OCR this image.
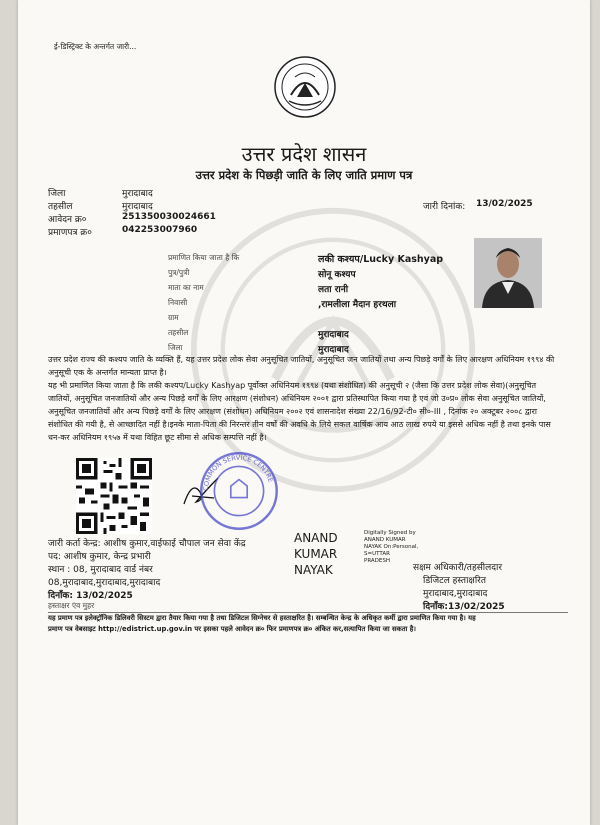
ई-डिस्ट्रिक्ट के अन्तर्गत जारी...
उत्तर प्रदेश शासन
उत्तर प्रदेश के पिछड़ी जाति के लिए जाति प्रमाण पत्र
जिला	मुरादाबाद
तहसील	मुरादाबाद
आवेदन क्र०	251350030024661
प्रमाणपत्र क्र०	042253007960
जारी दिनांक: 13/02/2025
प्रमाणित किया जाता है कि	लकी कश्यप/Lucky Kashyap
पुत्र/पुत्री	सोनू कश्यप
माता का नाम	लता रानी
निवासी	,रामलीला मैदान हरथला
ग्राम
तहसील	मुरादाबाद
जिला	मुरादाबाद
उत्तर प्रदेश राज्य की कश्यप जाति के व्यक्ति हैं, यह उत्तर प्रदेश लोक सेवा अनुसूचित जातियों, अनुसूचित जन जातियों तथा अन्य पिछड़े वर्गों के लिए आरक्षण अधिनियम १९९४ की अनुसूची एक के अन्तर्गत मान्यता प्राप्त है।
यह भी प्रमाणित किया जाता है कि लकी कश्यप/Lucky Kashyap पूर्वोक्त अधिनियम १९९४ (यथा संशोधित) की अनुसूची २ (जैसा कि उत्तर प्रदेश लोक सेवा)(अनुसूचित जातियों, अनुसूचित जनजातियों और अन्य पिछड़े वर्गों के लिए आरक्षण (संशोधन) अधिनियम २००१ द्वारा प्रतिस्थापित किया गया है एवं जो उ०प्र० लोक सेवा अनुसूचित जातियों, अनुसूचित जनजातियों और अन्य पिछड़े वर्गों के लिए आरक्षण (संशोधन) अधिनियम २००२ एवं शासनादेश संख्या 22/16/92-टी० सी०-III , दिनांक २० अक्टूबर २००८ द्वारा संशोधित की गयी है, से आच्छादित नहीं है।इनके माता-पिता की निरन्तर तीन वर्षों की अवधि के लिये सकल वार्षिक आय आठ लाख रुपये या इससे अधिक नहीं है तथा इनके पास धन-कर अधिनियम १९५७ में यथा विहित छूट सीमा से अधिक सम्पत्ति नहीं है।
COMMON SERVICE CENTRE
जारी कर्ता केन्द्र: आशीष कुमार,वाईफाई चौपाल जन सेवा केंद्र
पद: आशीष कुमार, केन्द्र प्रभारी
स्थान : 08, मुरादाबाद वार्ड नंबर
08,मुरादाबाद,मुरादाबाद,मुरादाबाद
दिनाँक: 13/02/2025
हस्ताक्षर एंव मुहर
ANAND
KUMAR
NAYAK
Digitally Signed by
ANAND KUMAR
NAYAK On:Personal,
S=UTTAR
PRADESH
सक्षम अधिकारी/तहसीलदार
डिजिटल हस्ताक्षरित
मुरादाबाद,मुरादाबाद
दिनाँक:13/02/2025
यह प्रमाण पत्र इलेक्ट्रॉनिक डिलिवरी सिस्टम द्वारा तैयार किया गया है तथा डिजिटल सिग्नेचर से हस्ताक्षरित है। सम्बन्धित केन्द्र के अधिकृत कर्मी द्वारा प्रमाणित किया गया है। यह
प्रमाण पत्र वेबसाइट http://edistrict.up.gov.in पर इसका पहले आवेदन क्र० फिर प्रमाणपत्र क्र० अंकित कर,सत्यापित किया जा सकता है।
